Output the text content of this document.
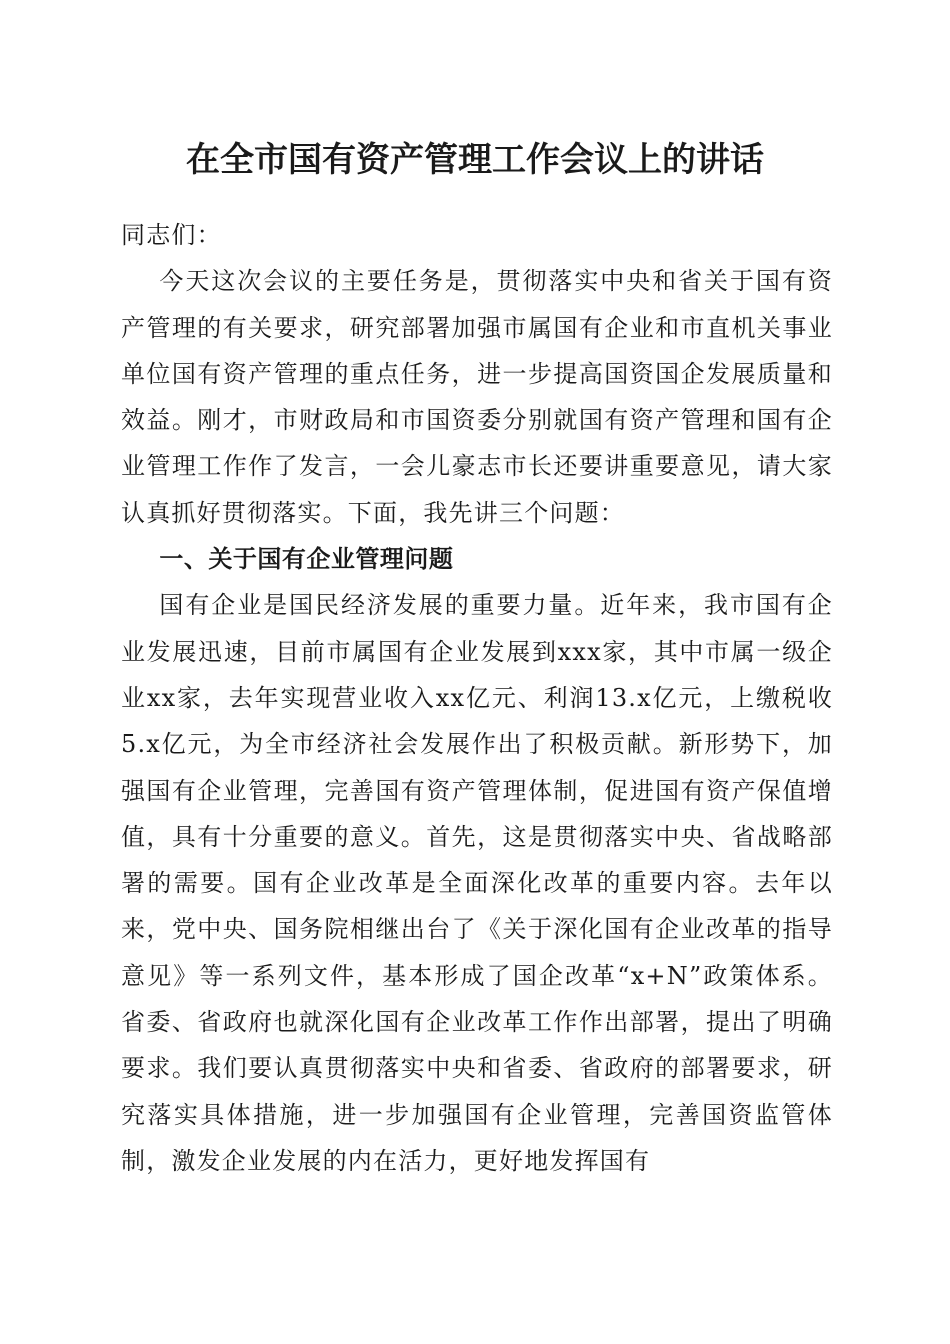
在全市国有资产管理工作会议上的讲话

同志们：

今天这次会议的主要任务是，贯彻落实中央和省关于国有资产管理的有关要求，研究部署加强市属国有企业和市直机关事业单位国有资产管理的重点任务，进一步提高国资国企发展质量和效益。刚才，市财政局和市国资委分别就国有资产管理和国有企业管理工作作了发言，一会儿豪志市长还要讲重要意见，请大家认真抓好贯彻落实。下面，我先讲三个问题：

一、关于国有企业管理问题

国有企业是国民经济发展的重要力量。近年来，我市国有企业发展迅速，目前市属国有企业发展到xxx家，其中市属一级企业xx家，去年实现营业收入xx亿元、利润13.x亿元，上缴税收5.x亿元，为全市经济社会发展作出了积极贡献。新形势下，加强国有企业管理，完善国有资产管理体制，促进国有资产保值增值，具有十分重要的意义。首先，这是贯彻落实中央、省战略部署的需要。国有企业改革是全面深化改革的重要内容。去年以来，党中央、国务院相继出台了《关于深化国有企业改革的指导意见》等一系列文件，基本形成了国企改革“x+N”政策体系。省委、省政府也就深化国有企业改革工作作出部署，提出了明确要求。我们要认真贯彻落实中央和省委、省政府的部署要求，研究落实具体措施，进一步加强国有企业管理，完善国资监管体制，激发企业发展的内在活力，更好地发挥国有
